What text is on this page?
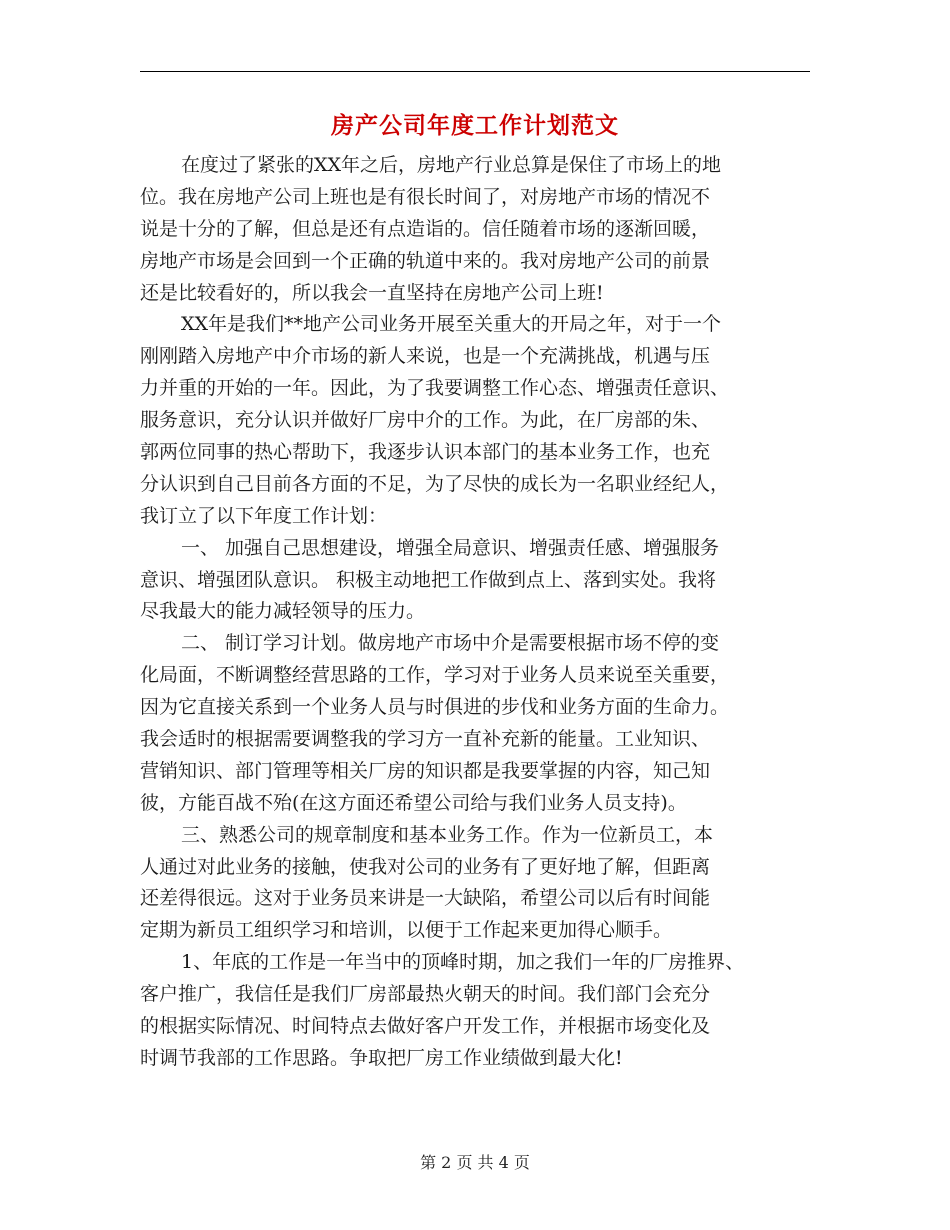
房产公司年度工作计划范文
在度过了紧张的XX年之后，房地产行业总算是保住了市场上的地
位。我在房地产公司上班也是有很长时间了，对房地产市场的情况不
说是十分的了解，但总是还有点造诣的。信任随着市场的逐渐回暖，
房地产市场是会回到一个正确的轨道中来的。我对房地产公司的前景
还是比较看好的，所以我会一直坚持在房地产公司上班!
XX年是我们**地产公司业务开展至关重大的开局之年，对于一个
刚刚踏入房地产中介市场的新人来说，也是一个充满挑战，机遇与压
力并重的开始的一年。因此，为了我要调整工作心态、增强责任意识、
服务意识，充分认识并做好厂房中介的工作。为此，在厂房部的朱、
郭两位同事的热心帮助下，我逐步认识本部门的基本业务工作，也充
分认识到自己目前各方面的不足，为了尽快的成长为一名职业经纪人，
我订立了以下年度工作计划：
一、 加强自己思想建设，增强全局意识、增强责任感、增强服务
意识、增强团队意识。 积极主动地把工作做到点上、落到实处。我将
尽我最大的能力减轻领导的压力。
二、 制订学习计划。做房地产市场中介是需要根据市场不停的变
化局面，不断调整经营思路的工作，学习对于业务人员来说至关重要，
因为它直接关系到一个业务人员与时俱进的步伐和业务方面的生命力。
我会适时的根据需要调整我的学习方一直补充新的能量。工业知识、
营销知识、部门管理等相关厂房的知识都是我要掌握的内容，知己知
彼，方能百战不殆(在这方面还希望公司给与我们业务人员支持)。
三、熟悉公司的规章制度和基本业务工作。作为一位新员工，本
人通过对此业务的接触，使我对公司的业务有了更好地了解，但距离
还差得很远。这对于业务员来讲是一大缺陷，希望公司以后有时间能
定期为新员工组织学习和培训，以便于工作起来更加得心顺手。
1、年底的工作是一年当中的顶峰时期，加之我们一年的厂房推界、
客户推广，我信任是我们厂房部最热火朝天的时间。我们部门会充分
的根据实际情况、时间特点去做好客户开发工作，并根据市场变化及
时调节我部的工作思路。争取把厂房工作业绩做到最大化!
第 2 页 共 4 页
